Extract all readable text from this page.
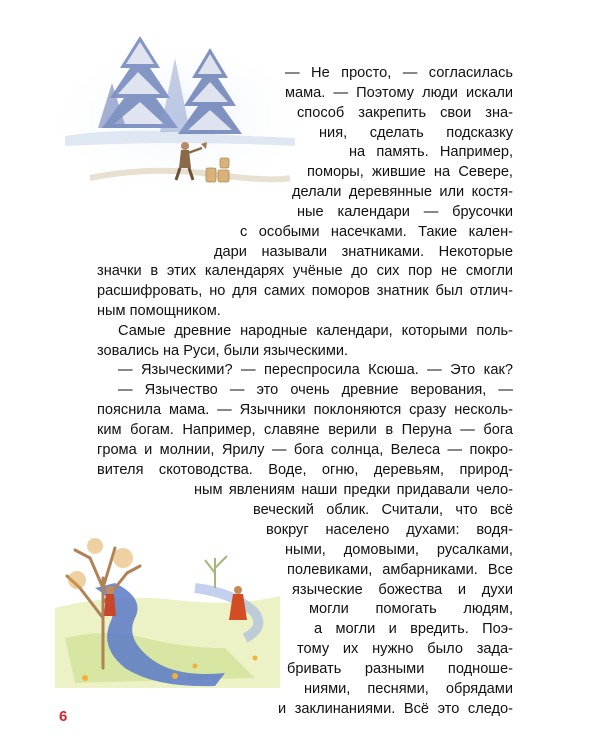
— Не просто, — согласилась
мама. — Поэтому люди искали
способ закрепить свои зна-
ния, сделать подсказку
на память. Например,
поморы, жившие на Севере,
делали деревянные или костя-
ные календари — брусочки
с особыми насечками. Такие кален-
дари называли знатниками. Некоторые
значки в этих календарях учёные до сих пор не смогли
расшифровать, но для самих поморов знатник был отлич-
ным помощником.
Самые древние народные календари, которыми поль-
зовались на Руси, были языческими.
— Языческими? — переспросила Ксюша. — Это как?
— Язычество — это очень древние верования, —
пояснила мама. — Язычники поклоняются сразу несколь-
ким богам. Например, славяне верили в Перуна — бога
грома и молнии, Ярилу — бога солнца, Велеса — покро-
вителя скотоводства. Воде, огню, деревьям, природ-
ным явлениям наши предки придавали чело-
веческий облик. Считали, что всё
вокруг населено духами: водя-
ными, домовыми, русалками,
полевиками, амбарниками. Все
языческие божества и духи
могли помогать людям,
а могли и вредить. Поэ-
тому их нужно было зада-
бривать разными подноше-
ниями, песнями, обрядами
и заклинаниями. Всё это следо-
6
